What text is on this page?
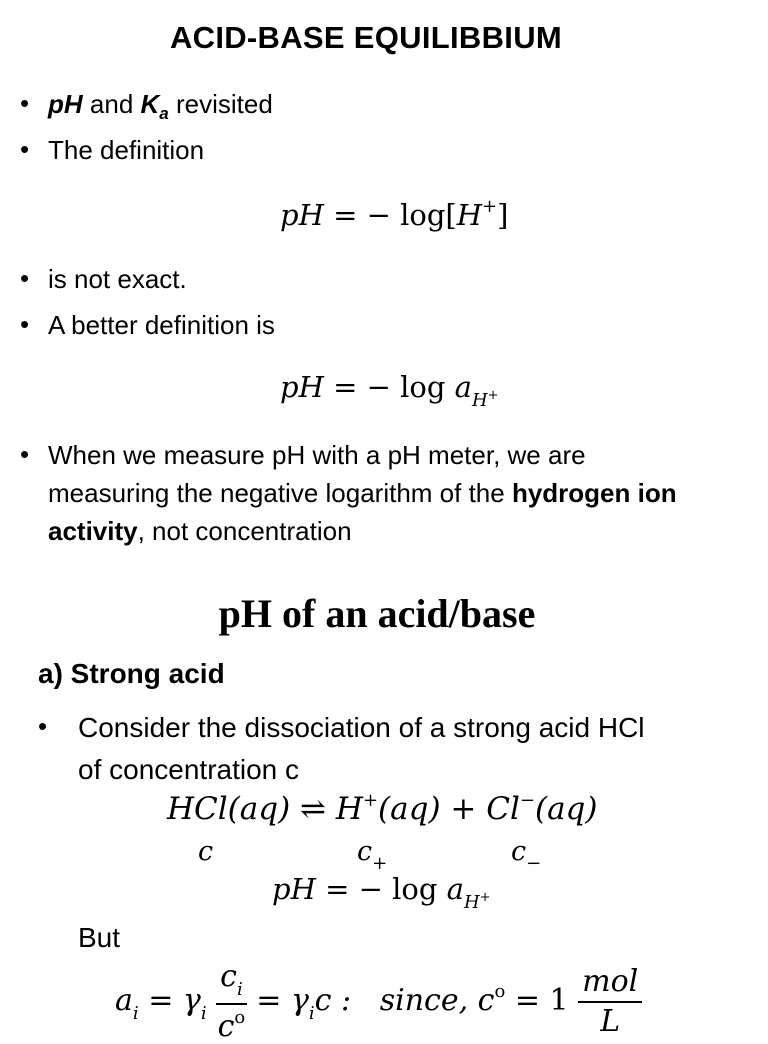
ACID-BASE EQUILIBBIUM
• pH and $K_a$ revisited
• The definition
pH = − log[H+]
• is not exact.
• A better definition is
pH = − $\log a_{H^+}$
• When we measure pH with a pH meter, we are
measuring the negative logarithm of the hydrogen ion
activity, not concentration
pH of an acid/base
a) Strong acid
• Consider the dissociation of a strong acid HCl
of concentration c
HCl(aq) ⇌ H+(aq) + Cl−(aq)
c	$c_+$	$c_-$
pH = − $\log a_{H^+}$
But
$a_i = \gamma_i \frac{c_i}{c^o} = \gamma_ic$ : since, $c^o = 1 \frac{\text{mol}}{L}$
